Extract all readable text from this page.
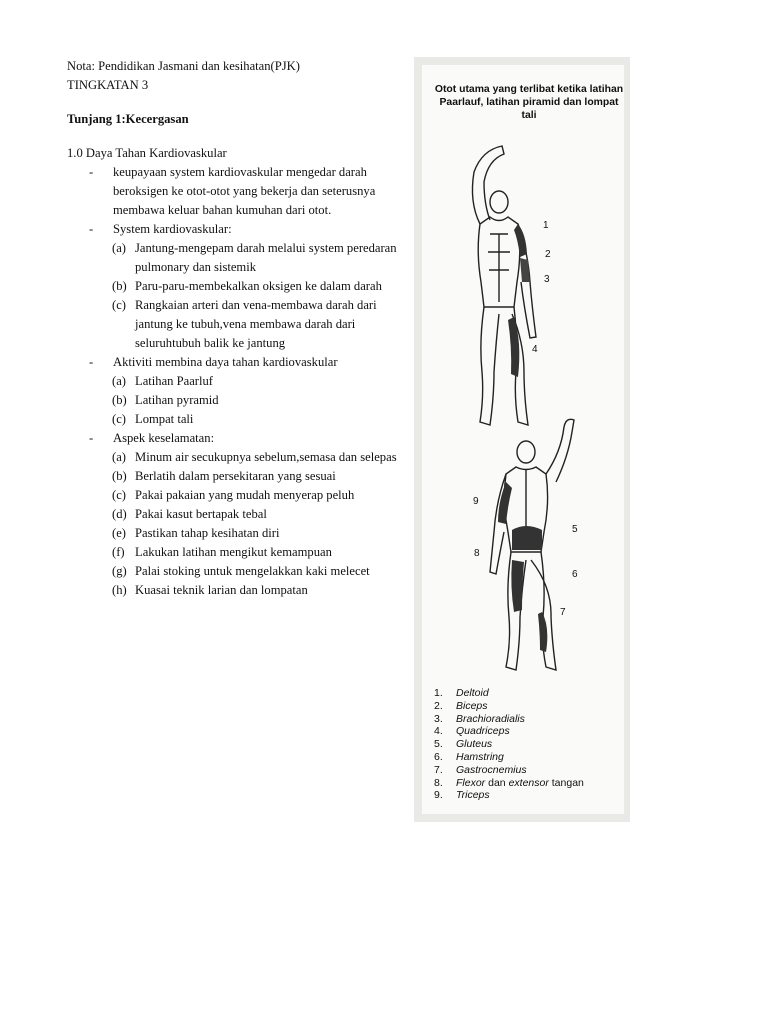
Nota: Pendidikan Jasmani dan kesihatan(PJK)
TINGKATAN 3
Tunjang 1:Kecergasan
1.0 Daya Tahan Kardiovaskular
- keupayaan system kardiovaskular mengedar darah beroksigen ke otot-otot yang bekerja dan seterusnya membawa keluar bahan kumuhan dari otot.
- System kardiovaskular:
(a) Jantung-mengepam darah melalui system peredaran pulmonary dan sistemik
(b) Paru-paru-membekalkan oksigen ke dalam darah
(c) Rangkaian arteri dan vena-membawa darah dari jantung ke tubuh,vena membawa darah dari seluruhtubuh balik ke jantung
- Aktiviti membina daya tahan kardiovaskular
(a) Latihan Paarluf
(b) Latihan pyramid
(c) Lompat tali
- Aspek keselamatan:
(a) Minum air secukupnya sebelum,semasa dan selepas
(b) Berlatih dalam persekitaran yang sesuai
(c) Pakai pakaian yang mudah menyerap peluh
(d) Pakai kasut bertapak tebal
(e) Pastikan tahap kesihatan diri
(f) Lakukan latihan mengikut kemampuan
(g) Palai stoking untuk mengelakkan kaki melecet
(h) Kuasai teknik larian dan lompatan
Otot utama yang terlibat ketika latihan Paarlauf, latihan piramid dan lompat tali
1
2
3
4
5
6
7
8
9
1. Deltoid
2. Biceps
3. Brachioradialis
4. Quadriceps
5. Gluteus
6. Hamstring
7. Gastrocnemius
8. Flexor dan extensor tangan
9. Triceps
